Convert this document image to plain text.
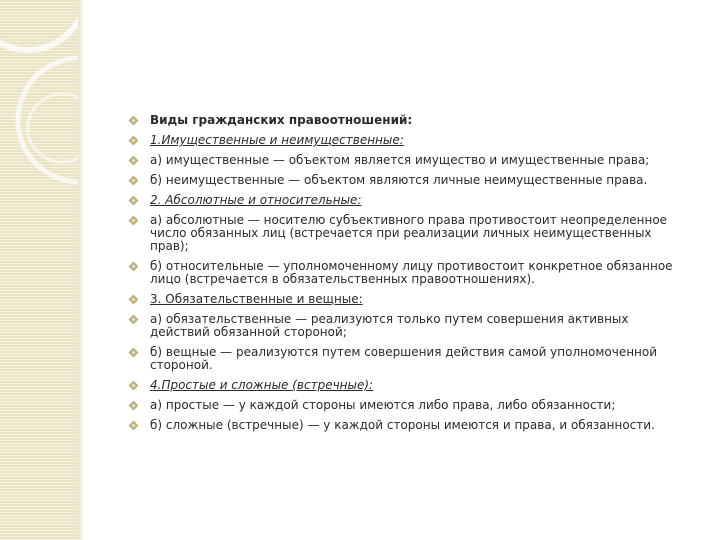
Виды гражданских правоотношений:
1.Имущественные и неимущественные:
а) имущественные — объектом является имущество и имущественные права;
б) неимущественные — объектом являются личные неимущественные права.
2. Абсолютные и относительные:
а) абсолютные — носителю субъективного права противостоит неопределенное число обязанных лиц (встречается при реализации личных неимущественных прав);
б) относительные — уполномоченному лицу противостоит конкретное обязанное лицо (встречается в обязательственных правоотношениях).
3. Обязательственные и вещные:
а) обязательственные — реализуются только путем совершения активных действий обязанной стороной;
б) вещные — реализуются путем совершения действия самой уполномоченной стороной.
4.Простые и сложные (встречные):
а) простые — у каждой стороны имеются либо права, либо обязанности;
б) сложные (встречные) — у каждой стороны имеются и права, и обязанности.
